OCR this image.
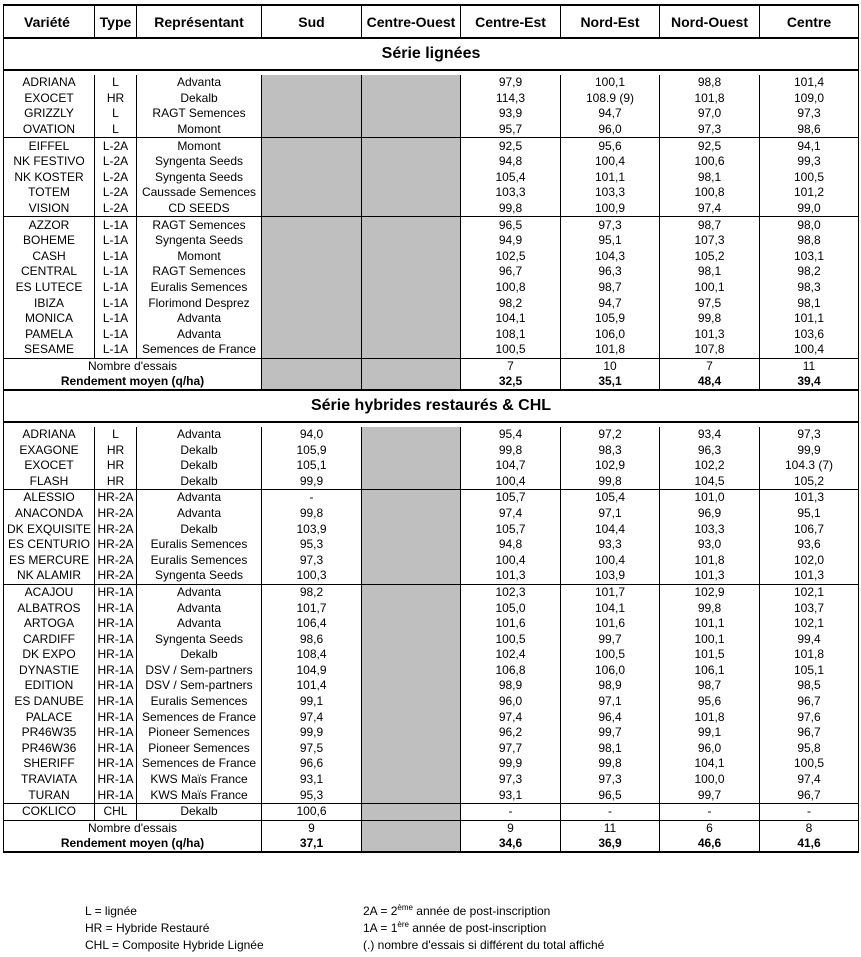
Variété	Type	Représentant	Sud	Centre-Ouest	Centre-Est	Nord-Est	Nord-Ouest	Centre
Série lignées								

ADRIANA	L	Advanta			97,9	100,1	98,8	101,4
EXOCET	HR	Dekalb			114,3	108.9 (9)	101,8	109,0
GRIZZLY	L	RAGT Semences			93,9	94,7	97,0	97,3
OVATION	L	Momont			95,7	96,0	97,3	98,6
EIFFEL	L-2A	Momont			92,5	95,6	92,5	94,1
NK FESTIVO	L-2A	Syngenta Seeds			94,8	100,4	100,6	99,3
NK KOSTER	L-2A	Syngenta Seeds			105,4	101,1	98,1	100,5
TOTEM	L-2A	Caussade Semences			103,3	103,3	100,8	101,2
VISION	L-2A	CD SEEDS			99,8	100,9	97,4	99,0
AZZOR	L-1A	RAGT Semences			96,5	97,3	98,7	98,0
BOHEME	L-1A	Syngenta Seeds			94,9	95,1	107,3	98,8
CASH	L-1A	Momont			102,5	104,3	105,2	103,1
CENTRAL	L-1A	RAGT Semences			96,7	96,3	98,1	98,2
ES LUTECE	L-1A	Euralis Semences			100,8	98,7	100,1	98,3
IBIZA	L-1A	Florimond Desprez			98,2	94,7	97,5	98,1
MONICA	L-1A	Advanta			104,1	105,9	99,8	101,1
PAMELA	L-1A	Advanta			108,1	106,0	101,3	103,6
SESAME	L-1A	Semences de France			100,5	101,8	107,8	100,4
Nombre d'essais					7	10	7	11
Rendement moyen (q/ha)					32,5	35,1	48,4	39,4
Série hybrides restaurés & CHL								

ADRIANA	L	Advanta	94,0		95,4	97,2	93,4	97,3
EXAGONE	HR	Dekalb	105,9		99,8	98,3	96,3	99,9
EXOCET	HR	Dekalb	105,1		104,7	102,9	102,2	104.3 (7)
FLASH	HR	Dekalb	99,9		100,4	99,8	104,5	105,2
ALESSIO	HR-2A	Advanta	-		105,7	105,4	101,0	101,3
ANACONDA	HR-2A	Advanta	99,8		97,4	97,1	96,9	95,1
DK EXQUISITE	HR-2A	Dekalb	103,9		105,7	104,4	103,3	106,7
ES CENTURIO	HR-2A	Euralis Semences	95,3		94,8	93,3	93,0	93,6
ES MERCURE	HR-2A	Euralis Semences	97,3		100,4	100,4	101,8	102,0
NK ALAMIR	HR-2A	Syngenta Seeds	100,3		101,3	103,9	101,3	101,3
ACAJOU	HR-1A	Advanta	98,2		102,3	101,7	102,9	102,1
ALBATROS	HR-1A	Advanta	101,7		105,0	104,1	99,8	103,7
ARTOGA	HR-1A	Advanta	106,4		101,6	101,6	101,1	102,1
CARDIFF	HR-1A	Syngenta Seeds	98,6		100,5	99,7	100,1	99,4
DK EXPO	HR-1A	Dekalb	108,4		102,4	100,5	101,5	101,8
DYNASTIE	HR-1A	DSV / Sem-partners	104,9		106,8	106,0	106,1	105,1
EDITION	HR-1A	DSV / Sem-partners	101,4		98,9	98,9	98,7	98,5
ES DANUBE	HR-1A	Euralis Semences	99,1		96,0	97,1	95,6	96,7
PALACE	HR-1A	Semences de France	97,4		97,4	96,4	101,8	97,6
PR46W35	HR-1A	Pioneer Semences	99,9		96,2	99,7	99,1	96,7
PR46W36	HR-1A	Pioneer Semences	97,5		97,7	98,1	96,0	95,8
SHERIFF	HR-1A	Semences de France	96,6		99,9	99,8	104,1	100,5
TRAVIATA	HR-1A	KWS Maïs France	93,1		97,3	97,3	100,0	97,4
TURAN	HR-1A	KWS Maïs France	95,3		93,1	96,5	99,7	96,7
COKLICO	CHL	Dekalb	100,6		-	-	-	-
Nombre d'essais			9		9	11	6	8
Rendement moyen (q/ha)			37,1		34,6	36,9	46,6	41,6
L = lignée
HR = Hybride Restauré
CHL = Composite Hybride Lignée
2A = 2ème année de post-inscription
1A = 1ère année de post-inscription
(.) nombre d'essais si différent du total affiché
